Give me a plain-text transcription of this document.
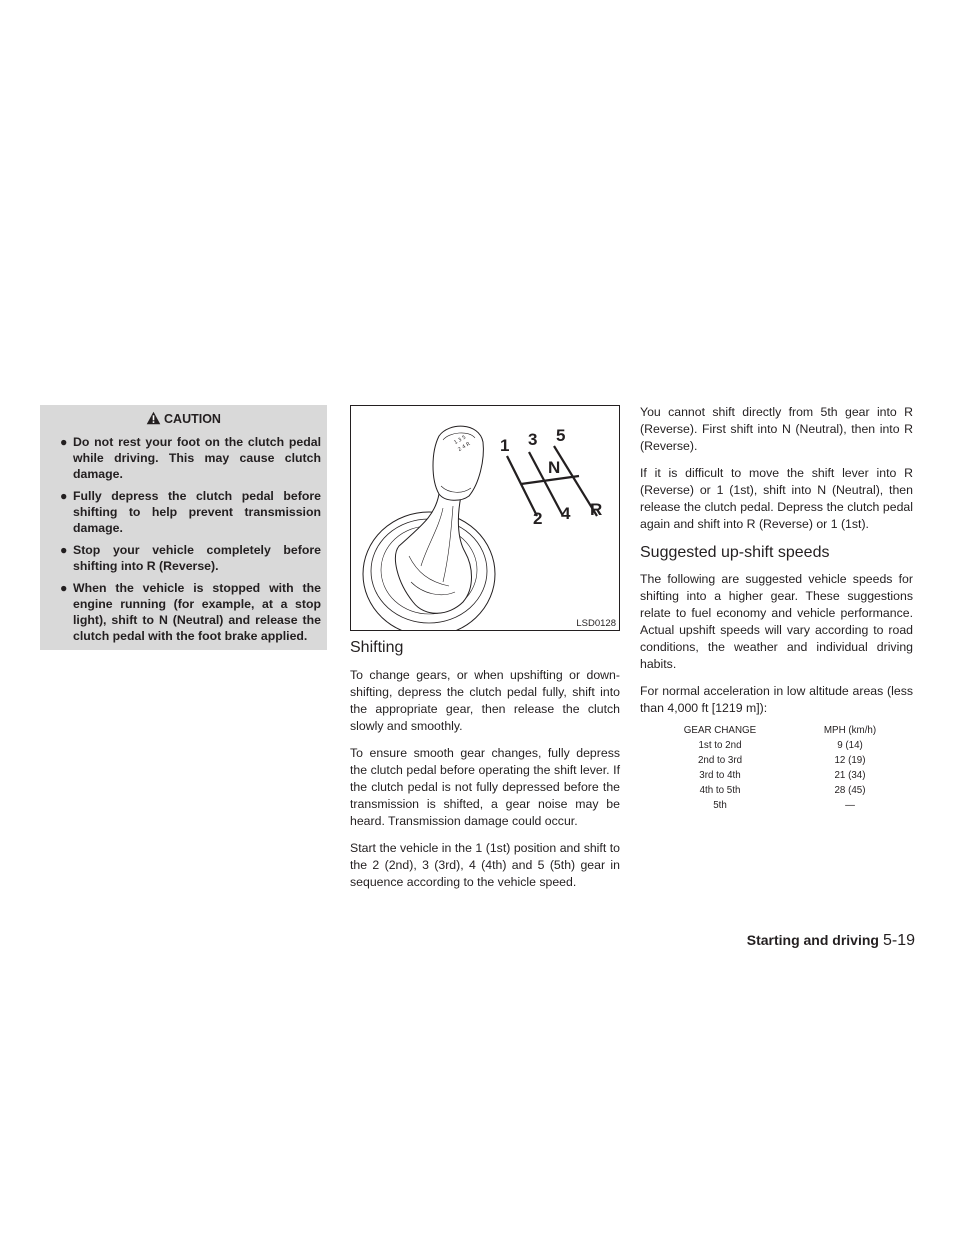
CAUTION
● Do not rest your foot on the clutch pedal while driving. This may cause clutch damage.
● Fully depress the clutch pedal before shifting to help prevent transmission damage.
● Stop your vehicle completely before shifting into R (Reverse).
● When the vehicle is stopped with the engine running (for example, at a stop light), shift to N (Neutral) and release the clutch pedal with the foot brake applied.
1 3 5
2 4 R 1 3 5
N
2 4 R
LSD0128
Shifting

To change gears, or when upshifting or down-shifting, depress the clutch pedal fully, shift into the appropriate gear, then release the clutch slowly and smoothly.

To ensure smooth gear changes, fully depress the clutch pedal before operating the shift lever. If the clutch pedal is not fully depressed before the transmission is shifted, a gear noise may be heard. Transmission damage could occur.

Start the vehicle in the 1 (1st) position and shift to the 2 (2nd), 3 (3rd), 4 (4th) and 5 (5th) gear in sequence according to the vehicle speed.

You cannot shift directly from 5th gear into R (Reverse). First shift into N (Neutral), then into R (Reverse).

If it is difficult to move the shift lever into R (Reverse) or 1 (1st), shift into N (Neutral), then release the clutch pedal. Depress the clutch pedal again and shift into R (Reverse) or 1 (1st).

Suggested up-shift speeds

The following are suggested vehicle speeds for shifting into a higher gear. These suggestions relate to fuel economy and vehicle performance. Actual upshift speeds will vary according to road conditions, the weather and individual driving habits.

For normal acceleration in low altitude areas (less than 4,000 ft [1219 m]):

GEAR CHANGE	MPH (km/h)
1st to 2nd	9 (14)
2nd to 3rd	12 (19)
3rd to 4th	21 (34)
4th to 5th	28 (45)
5th	—
Starting and driving 5-19
